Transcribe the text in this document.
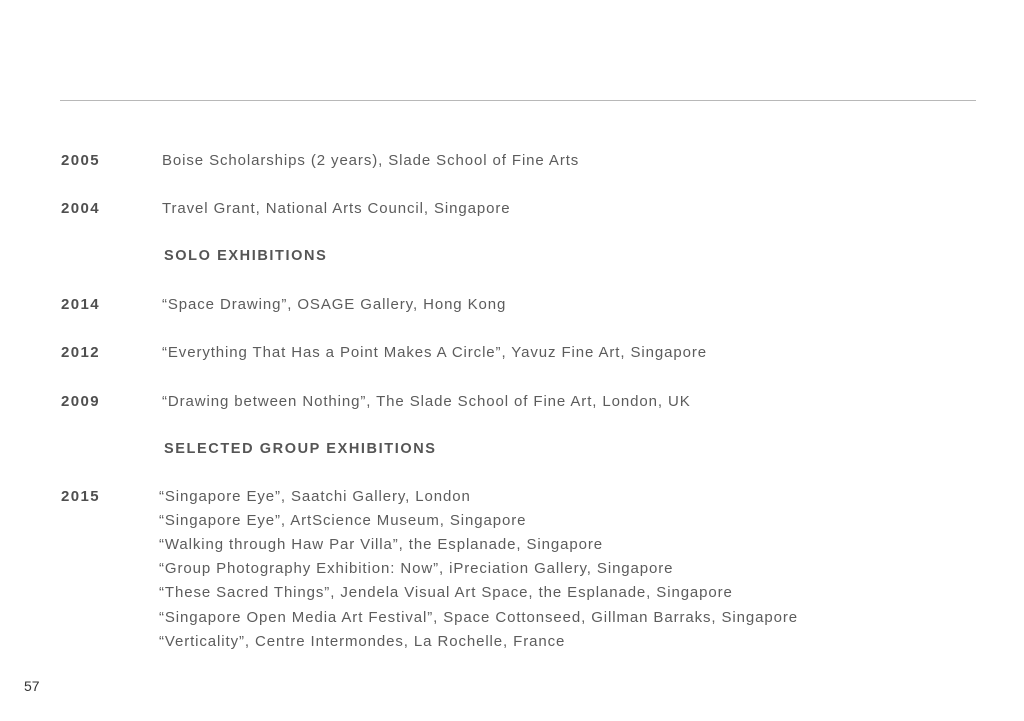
2005	Boise Scholarships (2 years), Slade School of Fine Arts
2004	Travel Grant, National Arts Council, Singapore
SOLO EXHIBITIONS
2014	“Space Drawing”, OSAGE Gallery, Hong Kong
2012	“Everything That Has a Point Makes A Circle”, Yavuz Fine Art, Singapore
2009	“Drawing between Nothing”, The Slade School of Fine Art, London, UK
SELECTED GROUP EXHIBITIONS
2015	“Singapore Eye”, Saatchi Gallery, London
“Singapore Eye”, ArtScience Museum, Singapore
“Walking through Haw Par Villa”, the Esplanade, Singapore
“Group Photography Exhibition: Now”, iPreciation Gallery, Singapore
“These Sacred Things”, Jendela Visual Art Space, the Esplanade, Singapore
“Singapore Open Media Art Festival”, Space Cottonseed, Gillman Barraks, Singapore
“Verticality”, Centre Intermondes, La Rochelle, France
57
